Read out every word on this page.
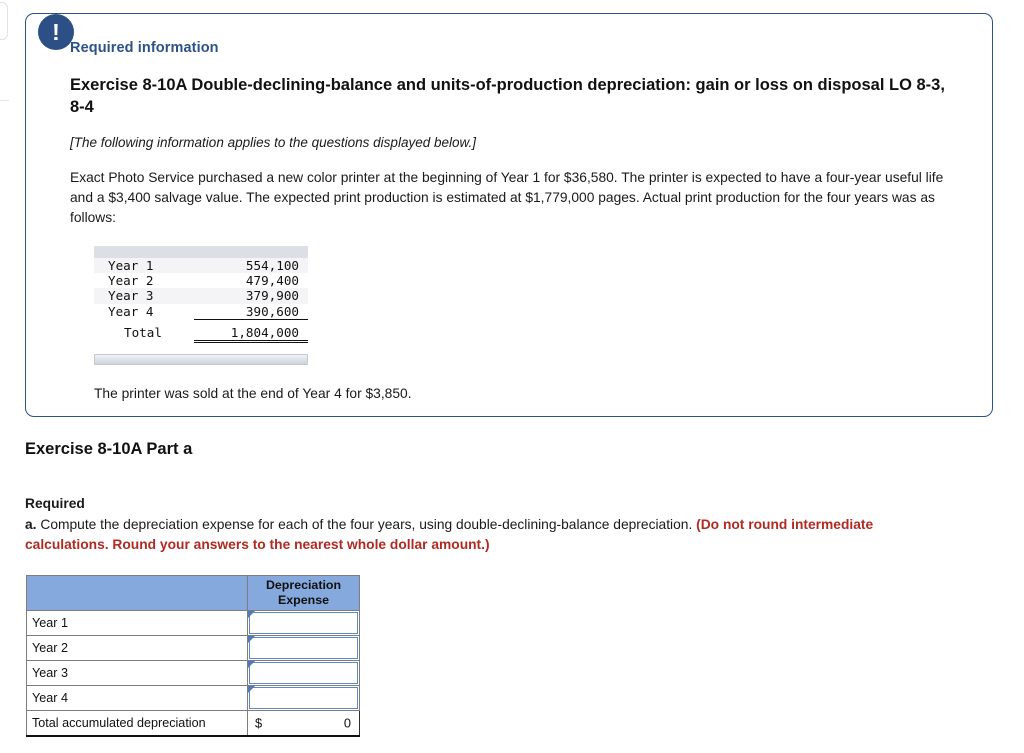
!
Required information
Exercise 8-10A Double-declining-balance and units-of-production depreciation: gain or loss on disposal LO 8-3, 8-4
[The following information applies to the questions displayed below.]
Exact Photo Service purchased a new color printer at the beginning of Year 1 for $36,580. The printer is expected to have a four-year useful life and a $3,400 salvage value. The expected print production is estimated at $1,779,000 pages. Actual print production for the four years was as follows:

Year 1	554,100
Year 2	479,400
Year 3	379,900
Year 4	390,600
Total	1,804,000
The printer was sold at the end of Year 4 for $3,850.
Exercise 8-10A Part a
Required
a. Compute the depreciation expense for each of the four years, using double-declining-balance depreciation. (Do not round intermediate calculations. Round your answers to the nearest whole dollar amount.)
	Depreciation Expense
Year 1	

Year 2	

Year 3	

Year 4	

Total accumulated depreciation	$ 0
